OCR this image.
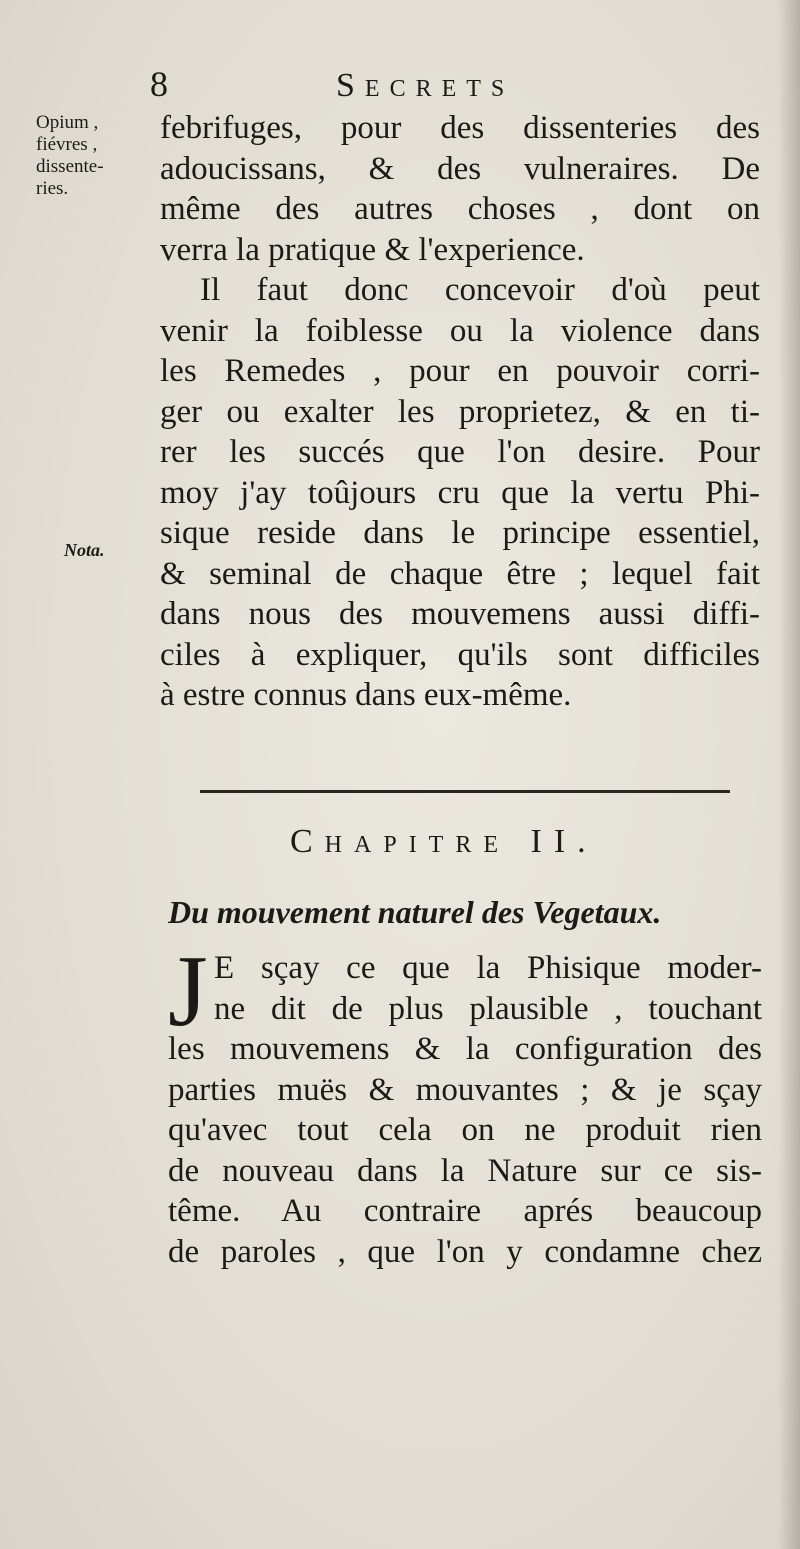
8	Secrets
Opium ,
fiévres ,
dissente-
ries.
Nota.
febrifuges, pour des dissenteries des
adoucissans, & des vulneraires. De
même des autres choses , dont on
verra la pratique & l'experience.
Il faut donc concevoir d'où peut
venir la foiblesse ou la violence dans
les Remedes , pour en pouvoir corri-
ger ou exalter les proprietez, & en ti-
rer les succés que l'on desire. Pour
moy j'ay toûjours cru que la vertu Phi-
sique reside dans le principe essentiel,
& seminal de chaque être ; lequel fait
dans nous des mouvemens aussi diffi-
ciles à expliquer, qu'ils sont difficiles
à estre connus dans eux-même.
Chapitre II.
Du mouvement naturel des Vegetaux.
J E sçay ce que la Phisique moder-
ne dit de plus plausible , touchant
les mouvemens & la configuration des
parties muës & mouvantes ; & je sçay
qu'avec tout cela on ne produit rien
de nouveau dans la Nature sur ce sis-
tême. Au contraire aprés beaucoup
de paroles , que l'on y condamne chez
